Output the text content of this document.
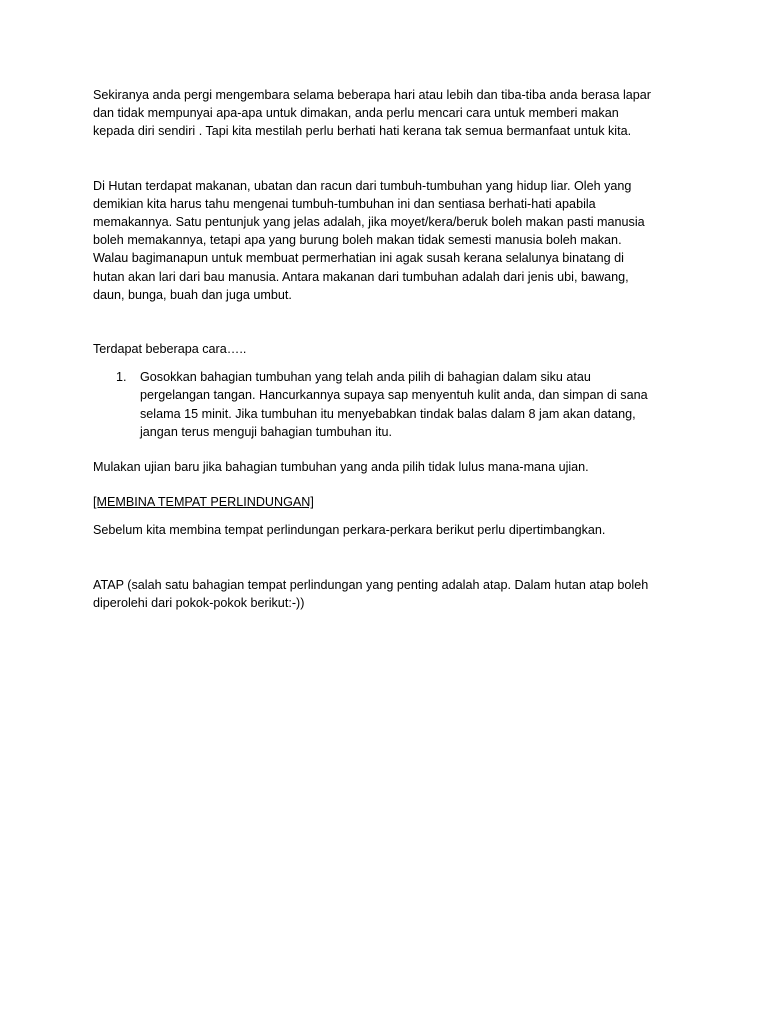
Sekiranya anda pergi mengembara selama beberapa hari atau lebih dan tiba-tiba anda berasa lapar
dan tidak mempunyai apa-apa untuk dimakan, anda perlu mencari cara untuk memberi makan
kepada diri sendiri . Tapi kita mestilah perlu berhati hati kerana tak semua bermanfaat untuk kita.

Di Hutan terdapat makanan, ubatan dan racun dari tumbuh-tumbuhan yang hidup liar. Oleh yang
demikian kita harus tahu mengenai tumbuh-tumbuhan ini dan sentiasa berhati-hati apabila
memakannya. Satu pentunjuk yang jelas adalah, jika moyet/kera/beruk boleh makan pasti manusia
boleh memakannya, tetapi apa yang burung boleh makan tidak semesti manusia boleh makan.
Walau bagimanapun untuk membuat permerhatian ini agak susah kerana selalunya binatang di
hutan akan lari dari bau manusia. Antara makanan dari tumbuhan adalah dari jenis ubi, bawang,
daun, bunga, buah dan juga umbut.

Terdapat beberapa cara…..

1.	Gosokkan bahagian tumbuhan yang telah anda pilih di bahagian dalam siku atau
pergelangan tangan. Hancurkannya supaya sap menyentuh kulit anda, dan simpan di sana
selama 15 minit. Jika tumbuhan itu menyebabkan tindak balas dalam 8 jam akan datang,
jangan terus menguji bahagian tumbuhan itu.

Mulakan ujian baru jika bahagian tumbuhan yang anda pilih tidak lulus mana-mana ujian.

[MEMBINA TEMPAT PERLINDUNGAN]

Sebelum kita membina tempat perlindungan perkara-perkara berikut perlu dipertimbangkan.

ATAP (salah satu bahagian tempat perlindungan yang penting adalah atap. Dalam hutan atap boleh
diperolehi dari pokok-pokok berikut:-))
